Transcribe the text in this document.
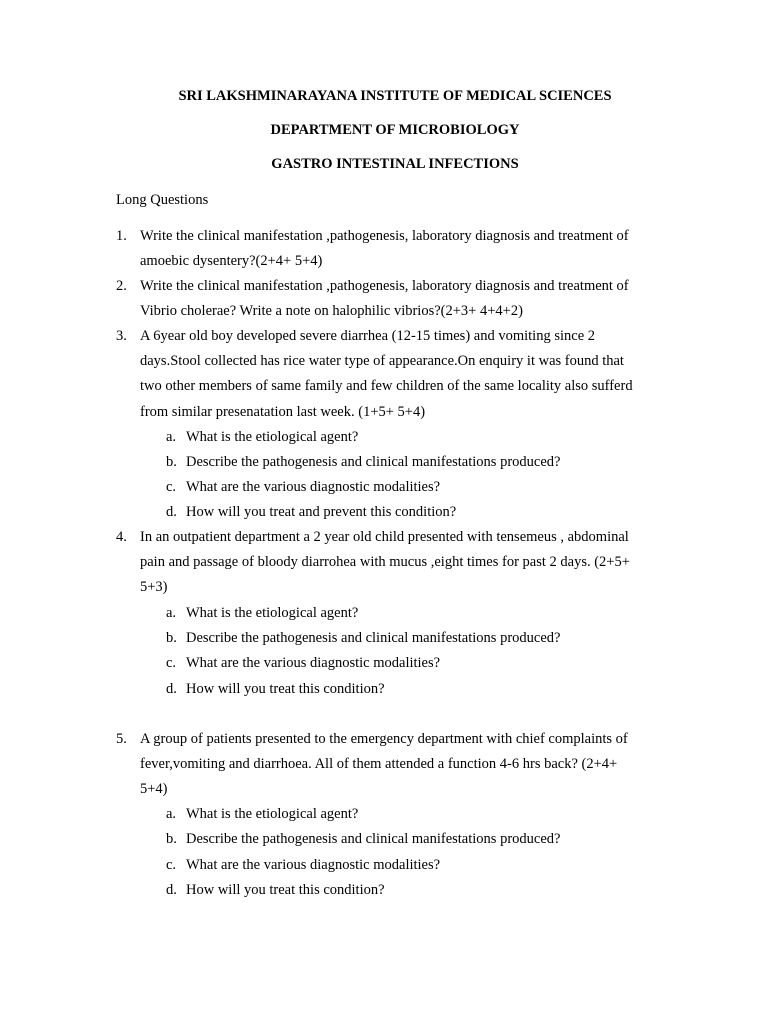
SRI LAKSHMINARAYANA INSTITUTE OF MEDICAL SCIENCES
DEPARTMENT OF MICROBIOLOGY
GASTRO INTESTINAL INFECTIONS
Long Questions
1. Write the clinical manifestation ,pathogenesis, laboratory diagnosis and treatment of
amoebic dysentery?(2+4+ 5+4)
2. Write the clinical manifestation ,pathogenesis, laboratory diagnosis and treatment of
Vibrio cholerae? Write a note on halophilic vibrios?(2+3+ 4+4+2)
3. A 6year old boy developed severe diarrhea (12-15 times) and vomiting since 2
days.Stool collected has rice water type of appearance.On enquiry it was found that
two other members of same family and few children of the same locality also sufferd
from similar presenatation last week. (1+5+ 5+4)
a. What is the etiological agent?
b. Describe the pathogenesis and clinical manifestations produced?
c. What are the various diagnostic modalities?
d. How will you treat and prevent this condition?
4. In an outpatient department a 2 year old child presented with tensemeus , abdominal
pain and passage of bloody diarrohea with mucus ,eight times for past 2 days. (2+5+
5+3)
a. What is the etiological agent?
b. Describe the pathogenesis and clinical manifestations produced?
c. What are the various diagnostic modalities?
d. How will you treat this condition?
5. A group of patients presented to the emergency department with chief complaints of
fever,vomiting and diarrhoea. All of them attended a function 4-6 hrs back? (2+4+
5+4)
a. What is the etiological agent?
b. Describe the pathogenesis and clinical manifestations produced?
c. What are the various diagnostic modalities?
d. How will you treat this condition?
